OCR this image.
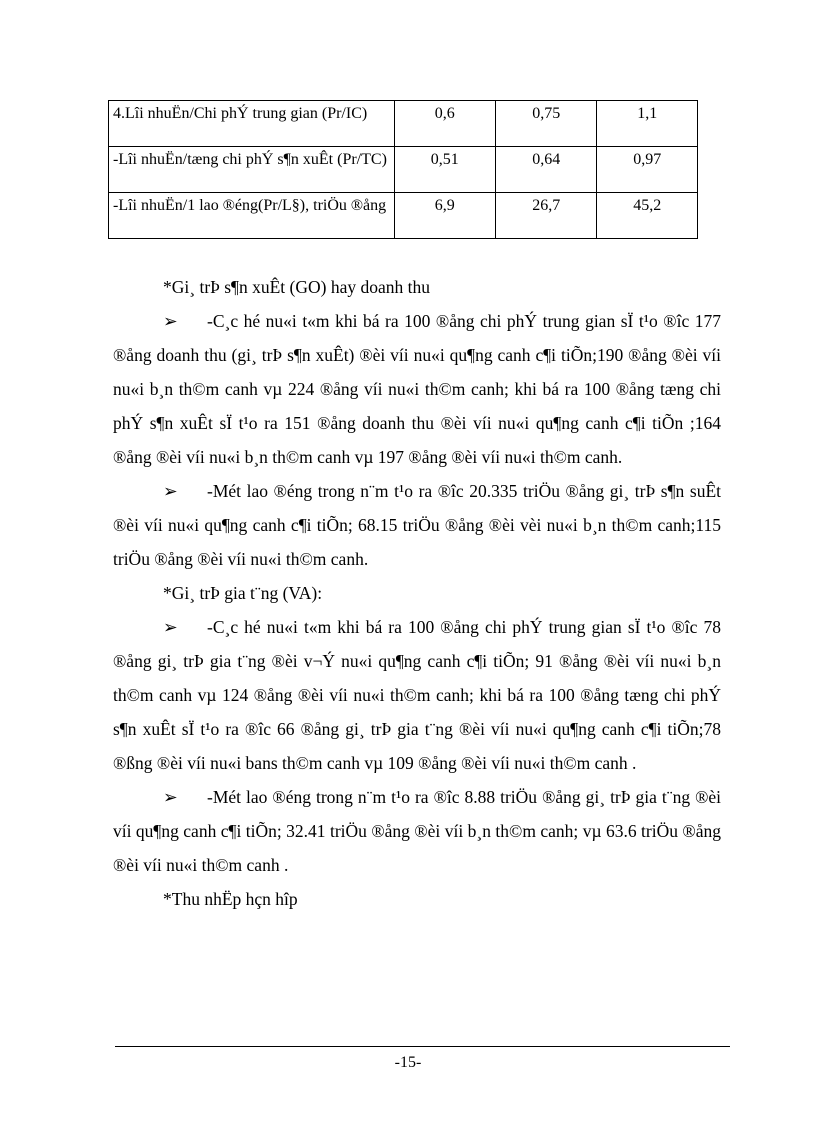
4.Lîi nhuËn/Chi phÝ trung gian (Pr/IC)	0,6	0,75	1,1
-Lîi nhuËn/tæng chi phÝ s¶n xuÊt (Pr/TC)	0,51	0,64	0,97
-Lîi nhuËn/1 lao ®éng(Pr/L§), triÖu ®ång	6,9	26,7	45,2

*Gi¸ trÞ s¶n xuÊt (GO) hay doanh thu

➢ -C¸c hé nu«i t«m khi bá ra 100 ®ång chi phÝ trung gian sÏ t¹o ®îc 177 ®ång doanh thu (gi¸ trÞ s¶n xuÊt) ®èi víi nu«i qu¶ng canh c¶i tiÕn;190 ®ång ®èi víi nu«i b¸n th©m canh vµ 224 ®ång víi nu«i th©m canh; khi bá ra 100 ®ång tæng chi phÝ s¶n xuÊt sÏ t¹o ra 151 ®ång doanh thu ®èi víi nu«i qu¶ng canh c¶i tiÕn ;164 ®ång ®èi víi nu«i b¸n th©m canh vµ 197 ®ång ®èi víi nu«i th©m canh.

➢ -Mét lao ®éng trong n¨m t¹o ra ®îc 20.335 triÖu ®ång gi¸ trÞ s¶n suÊt ®èi víi nu«i qu¶ng canh c¶i tiÕn; 68.15 triÖu ®ång ®èi vèi nu«i b¸n th©m canh;115 triÖu ®ång ®èi víi nu«i th©m canh.

*Gi¸ trÞ gia t¨ng (VA):

➢ -C¸c hé nu«i t«m khi bá ra 100 ®ång chi phÝ trung gian sÏ t¹o ®îc 78 ®ång gi¸ trÞ gia t¨ng ®èi v¬Ý nu«i qu¶ng canh c¶i tiÕn; 91 ®ång ®èi víi nu«i b¸n th©m canh vµ 124 ®ång ®èi víi nu«i th©m canh; khi bá ra 100 ®ång tæng chi phÝ s¶n xuÊt sÏ t¹o ra ®îc 66 ®ång gi¸ trÞ gia t¨ng ®èi víi nu«i qu¶ng canh c¶i tiÕn;78 ®ßng ®èi víi nu«i bans th©m canh vµ 109 ®ång ®èi víi nu«i th©m canh .

➢ -Mét lao ®éng trong n¨m t¹o ra ®îc 8.88 triÖu ®ång gi¸ trÞ gia t¨ng ®èi víi qu¶ng canh c¶i tiÕn; 32.41 triÖu ®ång ®èi víi b¸n th©m canh; vµ 63.6 triÖu ®ång ®èi víi nu«i th©m canh .

*Thu nhËp hçn hîp

-15-
